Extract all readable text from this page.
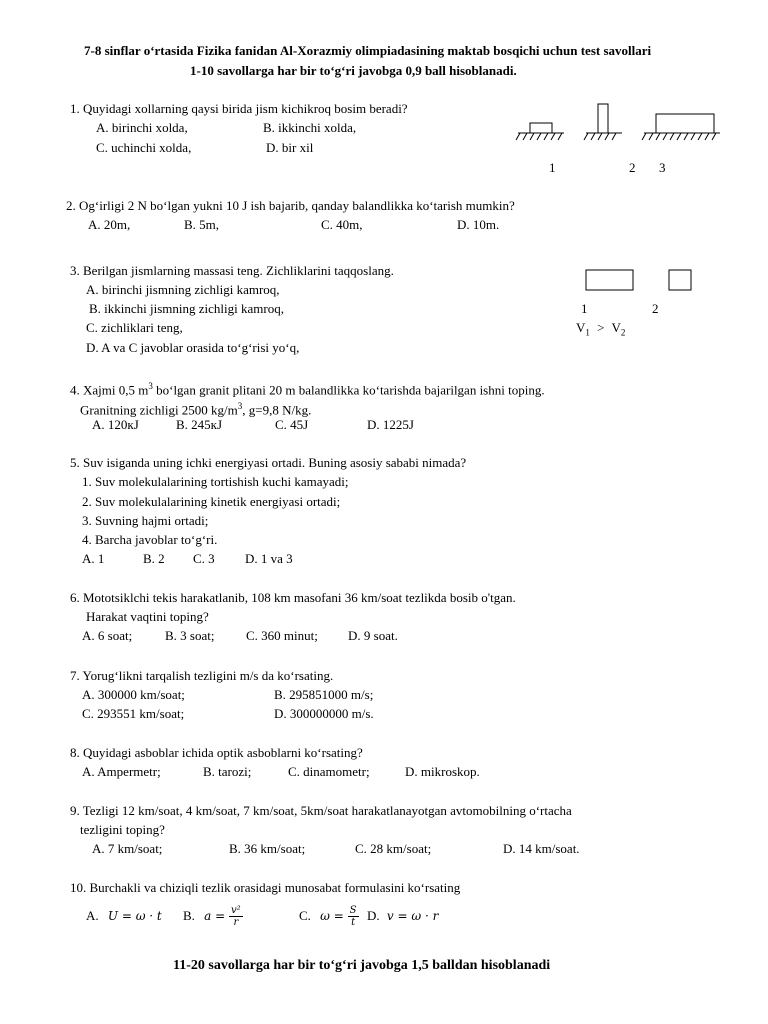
7-8 sinflar oʻrtasida Fizika fanidan Al-Xorazmiy olimpiadasining maktab bosqichi uchun test savollari
1-10 savollarga har bir toʻgʻri javobga 0,9 ball hisoblanadi.
1. Quyidagi xollarning qaysi birida jism kichikroq bosim beradi?
A. birinchi xolda,	B. ikkinchi xolda,
C. uchinchi xolda,	D. bir xil
1	2 3
2. Ogʻirligi 2 N boʻlgan yukni 10 J ish bajarib, qanday balandlikka koʻtarish mumkin?
A. 20m,	B. 5m,	C. 40m,	D. 10m.
3. Berilgan jismlarning massasi teng. Zichliklarini taqqoslang.
A. birinchi jismning zichligi kamroq,
B. ikkinchi jismning zichligi kamroq,
C. zichliklari teng,
D. A va C javoblar orasida toʻgʻrisi yoʻq,
1	2
$V_1 > V_2$
4. Xajmi 0,5 $m^3$ boʻlgan granit plitani 20 m balandlikka koʻtarishda bajarilgan ishni toping.
Granitning zichligi 2500 $kg/m^3$, g=9,8 N/kg.
A. 120кJ	B. 245кJ	C. 45J	D. 1225J
5. Suv isiganda uning ichki energiyasi ortadi. Buning asosiy sababi nimada?
1. Suv molekulalarining tortishish kuchi kamayadi;
2. Suv molekulalarining kinetik energiyasi ortadi;
3. Suvning hajmi ortadi;
4. Barcha javoblar toʻgʻri.
A. 1	B. 2 C. 3 D. 1 va 3
6. Mototsiklchi tekis harakatlanib, 108 km masofani 36 km/soat tezlikda bosib o'tgan.
Harakat vaqtini toping?
A. 6 soat;	B. 3 soat; C. 360 minut; D. 9 soat.
7. Yorugʻlikni tarqalish tezligini m/s da koʻrsating.
A. 300000 km/soat;	B. 295851000 m/s;
C. 293551 km/soat;	D. 300000000 m/s.
8. Quyidagi asboblar ichida optik asboblarni koʻrsating?
A. Ampermetr;	B. tarozi;	C. dinamometr;	D. mikroskop.
9. Tezligi 12 km/soat, 4 km/soat, 7 km/soat, 5km/soat harakatlanayotgan avtomobilning oʻrtacha
tezligini toping?
A. 7 km/soat;	B. 36 km/soat;	C. 28 km/soat;	D. 14 km/soat.
10. Burchakli va chiziqli tezlik orasidagi munosabat formulasini koʻrsating
A. U = ω · t B. $a = \frac{\text{v²}}{r}$	C. $\omega = \frac{S}{t} D$. v = ω · r
11-20 savollarga har bir toʻgʻri javobga 1,5 balldan hisoblanadi
